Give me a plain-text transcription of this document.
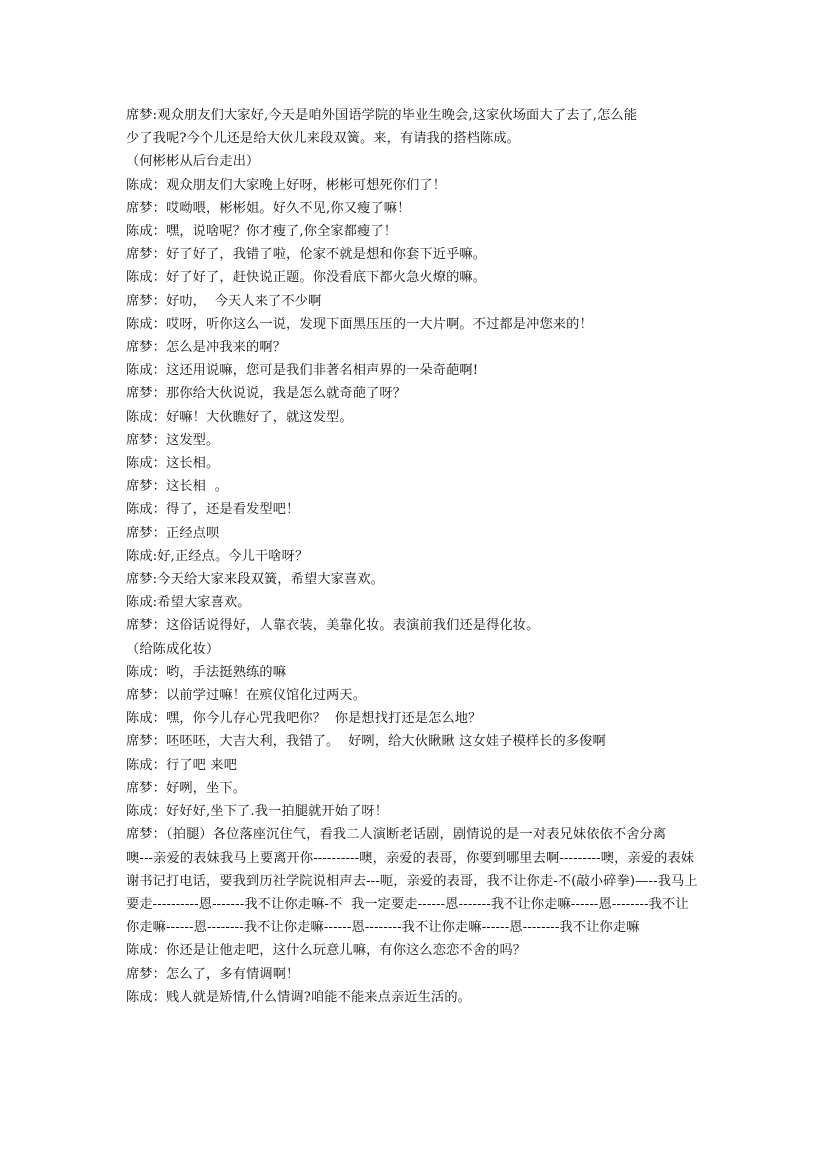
席梦:观众朋友们大家好,今天是咱外国语学院的毕业生晚会,这家伙场面大了去了,怎么能
少了我呢?今个儿还是给大伙儿来段双簧。来，有请我的搭档陈成。
（何彬彬从后台走出）
陈成：观众朋友们大家晚上好呀，彬彬可想死你们了！
席梦：哎呦喂，彬彬姐。好久不见,你又瘦了嘛！
陈成：嘿，说啥呢？你才瘦了,你全家都瘦了！
席梦：好了好了，我错了啦，伦家不就是想和你套下近乎嘛。
陈成：好了好了，赶快说正题。你没看底下都火急火燎的嘛。
席梦：好叻，  今天人来了不少啊
陈成：哎呀，听你这么一说，发现下面黑压压的一大片啊。不过都是冲您来的！
席梦：怎么是冲我来的啊？
陈成：这还用说嘛，您可是我们非著名相声界的一朵奇葩啊!
席梦：那你给大伙说说，我是怎么就奇葩了呀？
陈成：好嘛！大伙瞧好了，就这发型。
席梦：这发型。
陈成：这长相。
席梦：这长相  。
陈成：得了，还是看发型吧！
席梦：正经点呗
陈成:好,正经点。今儿干啥呀？
席梦:今天给大家来段双簧，希望大家喜欢。
陈成:希望大家喜欢。
席梦：这俗话说得好，人靠衣装，美靠化妆。表演前我们还是得化妆。
（给陈成化妆）
陈成：哟，手法挺熟练的嘛
席梦：以前学过嘛！在殡仪馆化过两天。
陈成：嘿，你今儿存心咒我吧你？  你是想找打还是怎么地？
席梦：呸呸呸，大吉大利，我错了。  好咧，给大伙瞅瞅 这女娃子模样长的多俊啊
陈成：行了吧 来吧
席梦：好咧，坐下。
陈成：好好好,坐下了.我一拍腿就开始了呀！
席梦：（拍腿）各位落座沉住气，看我二人演断老话剧，剧情说的是一对表兄妹依依不舍分离                   噢---亲爱的表妹我马上要离开你----------噢，亲爱的表哥，你要到哪里去啊---------噢，亲爱的表妹谢书记打电话，要我到历社学院说相声去---呃，亲爱的表哥，我不让你走-不(敲小碎拳)—--我马上要走----------恩-------我不让你走嘛-不  我一定要走------恩-------我不让你走嘛------恩--------我不让你走嘛------恩--------我不让你走嘛------恩--------我不让你走嘛------恩--------我不让你走嘛
陈成：你还是让他走吧，这什么玩意儿嘛，有你这么恋恋不舍的吗？
席梦：怎么了，多有情调啊！
陈成：贱人就是矫情,什么情调?咱能不能来点亲近生活的。
